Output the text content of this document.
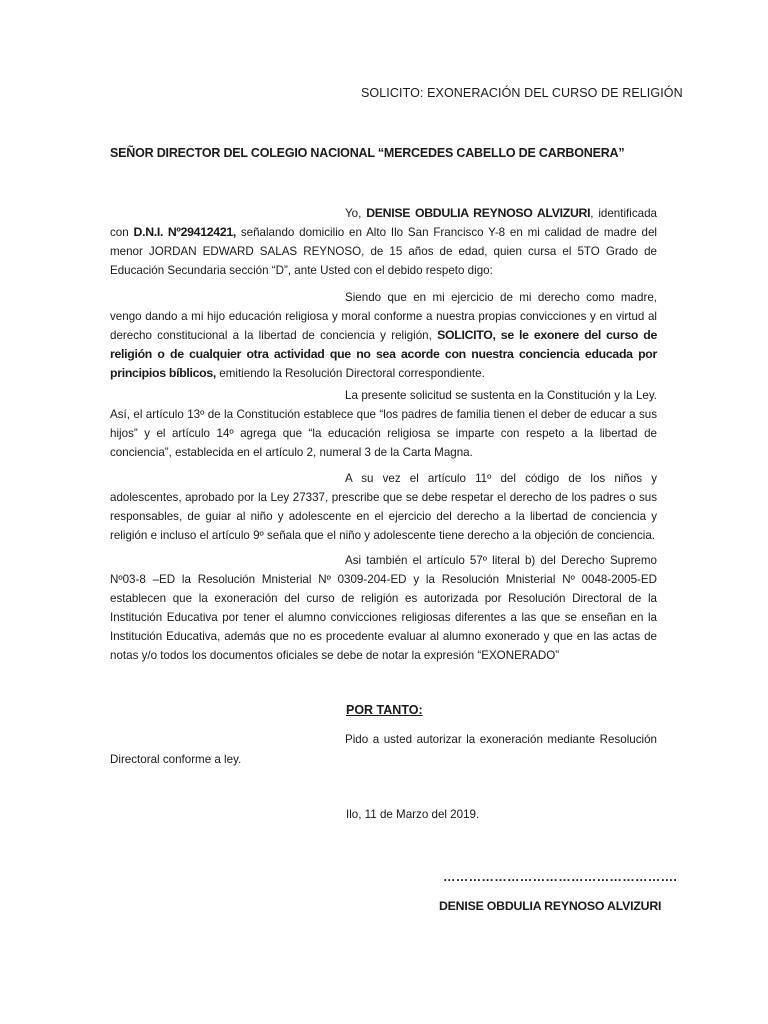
SOLICITO: EXONERACIÓN DEL CURSO DE RELIGIÓN
SEÑOR DIRECTOR DEL COLEGIO NACIONAL “MERCEDES CABELLO DE CARBONERA”

Yo, DENISE OBDULIA REYNOSO ALVIZURI, identificada con D.N.I. Nº29412421, señalando domicilio en Alto Ilo San Francisco Y-8 en mi calidad de madre del menor JORDAN EDWARD SALAS REYNOSO, de 15 años de edad, quien cursa el 5TO Grado de Educación Secundaria sección “D”, ante Usted con el debido respeto digo:

Siendo que en mi ejercicio de mi derecho como madre, vengo dando a mi hijo educación religiosa y moral conforme a nuestra propias convicciones y en virtud al derecho constitucional a la libertad de conciencia y religión, SOLICITO, se le exonere del curso de religión o de cualquier otra actividad que no sea acorde con nuestra conciencia educada por principios bíblicos, emitiendo la Resolución Directoral correspondiente.

La presente solicitud se sustenta en la Constitución y la Ley. Así, el artículo 13º de la Constitución establece que “los padres de familia tienen el deber de educar a sus hijos” y el artículo 14º agrega que “la educación religiosa se imparte con respeto a la libertad de conciencia”, establecida en el artículo 2, numeral 3 de la Carta Magna.

A su vez el artículo 11º del código de los niños y adolescentes, aprobado por la Ley 27337, prescribe que se debe respetar el derecho de los padres o sus responsables, de guiar al niño y adolescente en el ejercicio del derecho a la libertad de conciencia y religión e incluso el artículo 9º señala que el niño y adolescente tiene derecho a la objeción de conciencia.

Asi también el artículo 57º literal b) del Derecho Supremo Nº03-8 –ED la Resolución Mnisterial Nº 0309-204-ED y la Resolución Mnisterial Nº 0048-2005-ED establecen que la exoneración del curso de religión es autorizada por Resolución Directoral de la Institución Educativa por tener el alumno convicciones religiosas diferentes a las que se enseñan en la Institución Educativa, además que no es procedente evaluar al alumno exonerado y que en las actas de notas y/o todos los documentos oficiales se debe de notar la expresión “EXONERADO”

POR TANTO:

Pido a usted autorizar la exoneración mediante Resolución Directoral conforme a ley.

Ilo, 11 de Marzo del 2019.
……………………………………………….
DENISE OBDULIA REYNOSO ALVIZURI
